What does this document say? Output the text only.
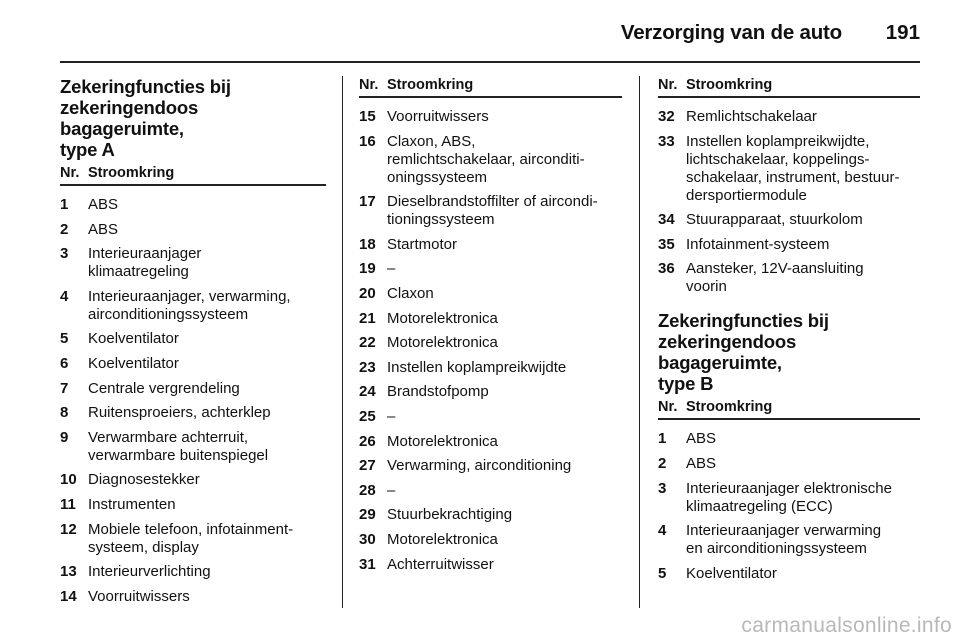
Verzorging van de auto 191
Zekeringfuncties bij
zekeringendoos bagageruimte,
type A
Nr. Stroomkring
1	ABS
2	ABS
3	Interieuraanjager
klimaatregeling
4	Interieuraanjager, verwarming,
airconditioningssysteem
5	Koelventilator
6	Koelventilator
7	Centrale vergrendeling
8	Ruitensproeiers, achterklep
9	Verwarmbare achterruit,
verwarmbare buitenspiegel
10 Diagnosestekker
11 Instrumenten
12 Mobiele telefoon, infotainment-
systeem, display
13 Interieurverlichting
14 Voorruitwissers
Nr. Stroomkring
15 Voorruitwissers
16 Claxon, ABS,
remlichtschakelaar, airconditi-
oningssysteem
17 Dieselbrandstoffilter of aircondi-
tioningssysteem
18 Startmotor
19 –
20 Claxon
21 Motorelektronica
22 Motorelektronica
23 Instellen koplampreikwijdte
24 Brandstofpomp
25 –
26 Motorelektronica
27 Verwarming, airconditioning
28 –
29 Stuurbekrachtiging
30 Motorelektronica
31 Achterruitwisser
Nr. Stroomkring
32 Remlichtschakelaar
33 Instellen koplampreikwijdte,
lichtschakelaar, koppelings-
schakelaar, instrument, bestuur-
dersportiermodule
34 Stuurapparaat, stuurkolom
35 Infotainment-systeem
36 Aansteker, 12V-aansluiting
voorin
Zekeringfuncties bij
zekeringendoos bagageruimte,
type B
Nr. Stroomkring
1	ABS
2	ABS
3	Interieuraanjager elektronische
klimaatregeling (ECC)
4	Interieuraanjager verwarming
en airconditioningssysteem
5	Koelventilator
carmanualsonline.info
